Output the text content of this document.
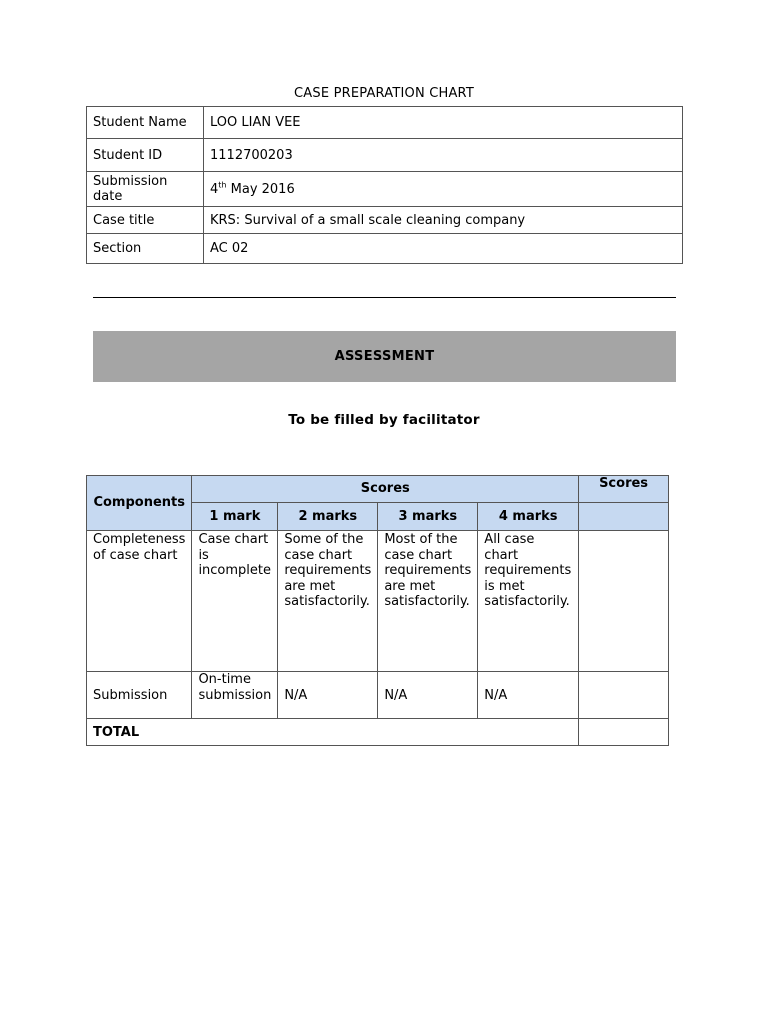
CASE PREPARATION CHART
Student Name	LOO LIAN VEE
Student ID	1112700203
Submission date	4th May 2016
Case title	KRS: Survival of a small scale cleaning company
Section	AC 02
ASSESSMENT
To be filled by facilitator
Components	Scores				Scores
	1 mark	2 marks	3 marks	4 marks	
Completeness of case chart	Case chart is incomplete	Some of the case chart requirements are met satisfactorily.	Most of the case chart requirements are met satisfactorily.	All case chart requirements is met satisfactorily.	
Submission	On-time submission	N/A	N/A	N/A	
TOTAL					
